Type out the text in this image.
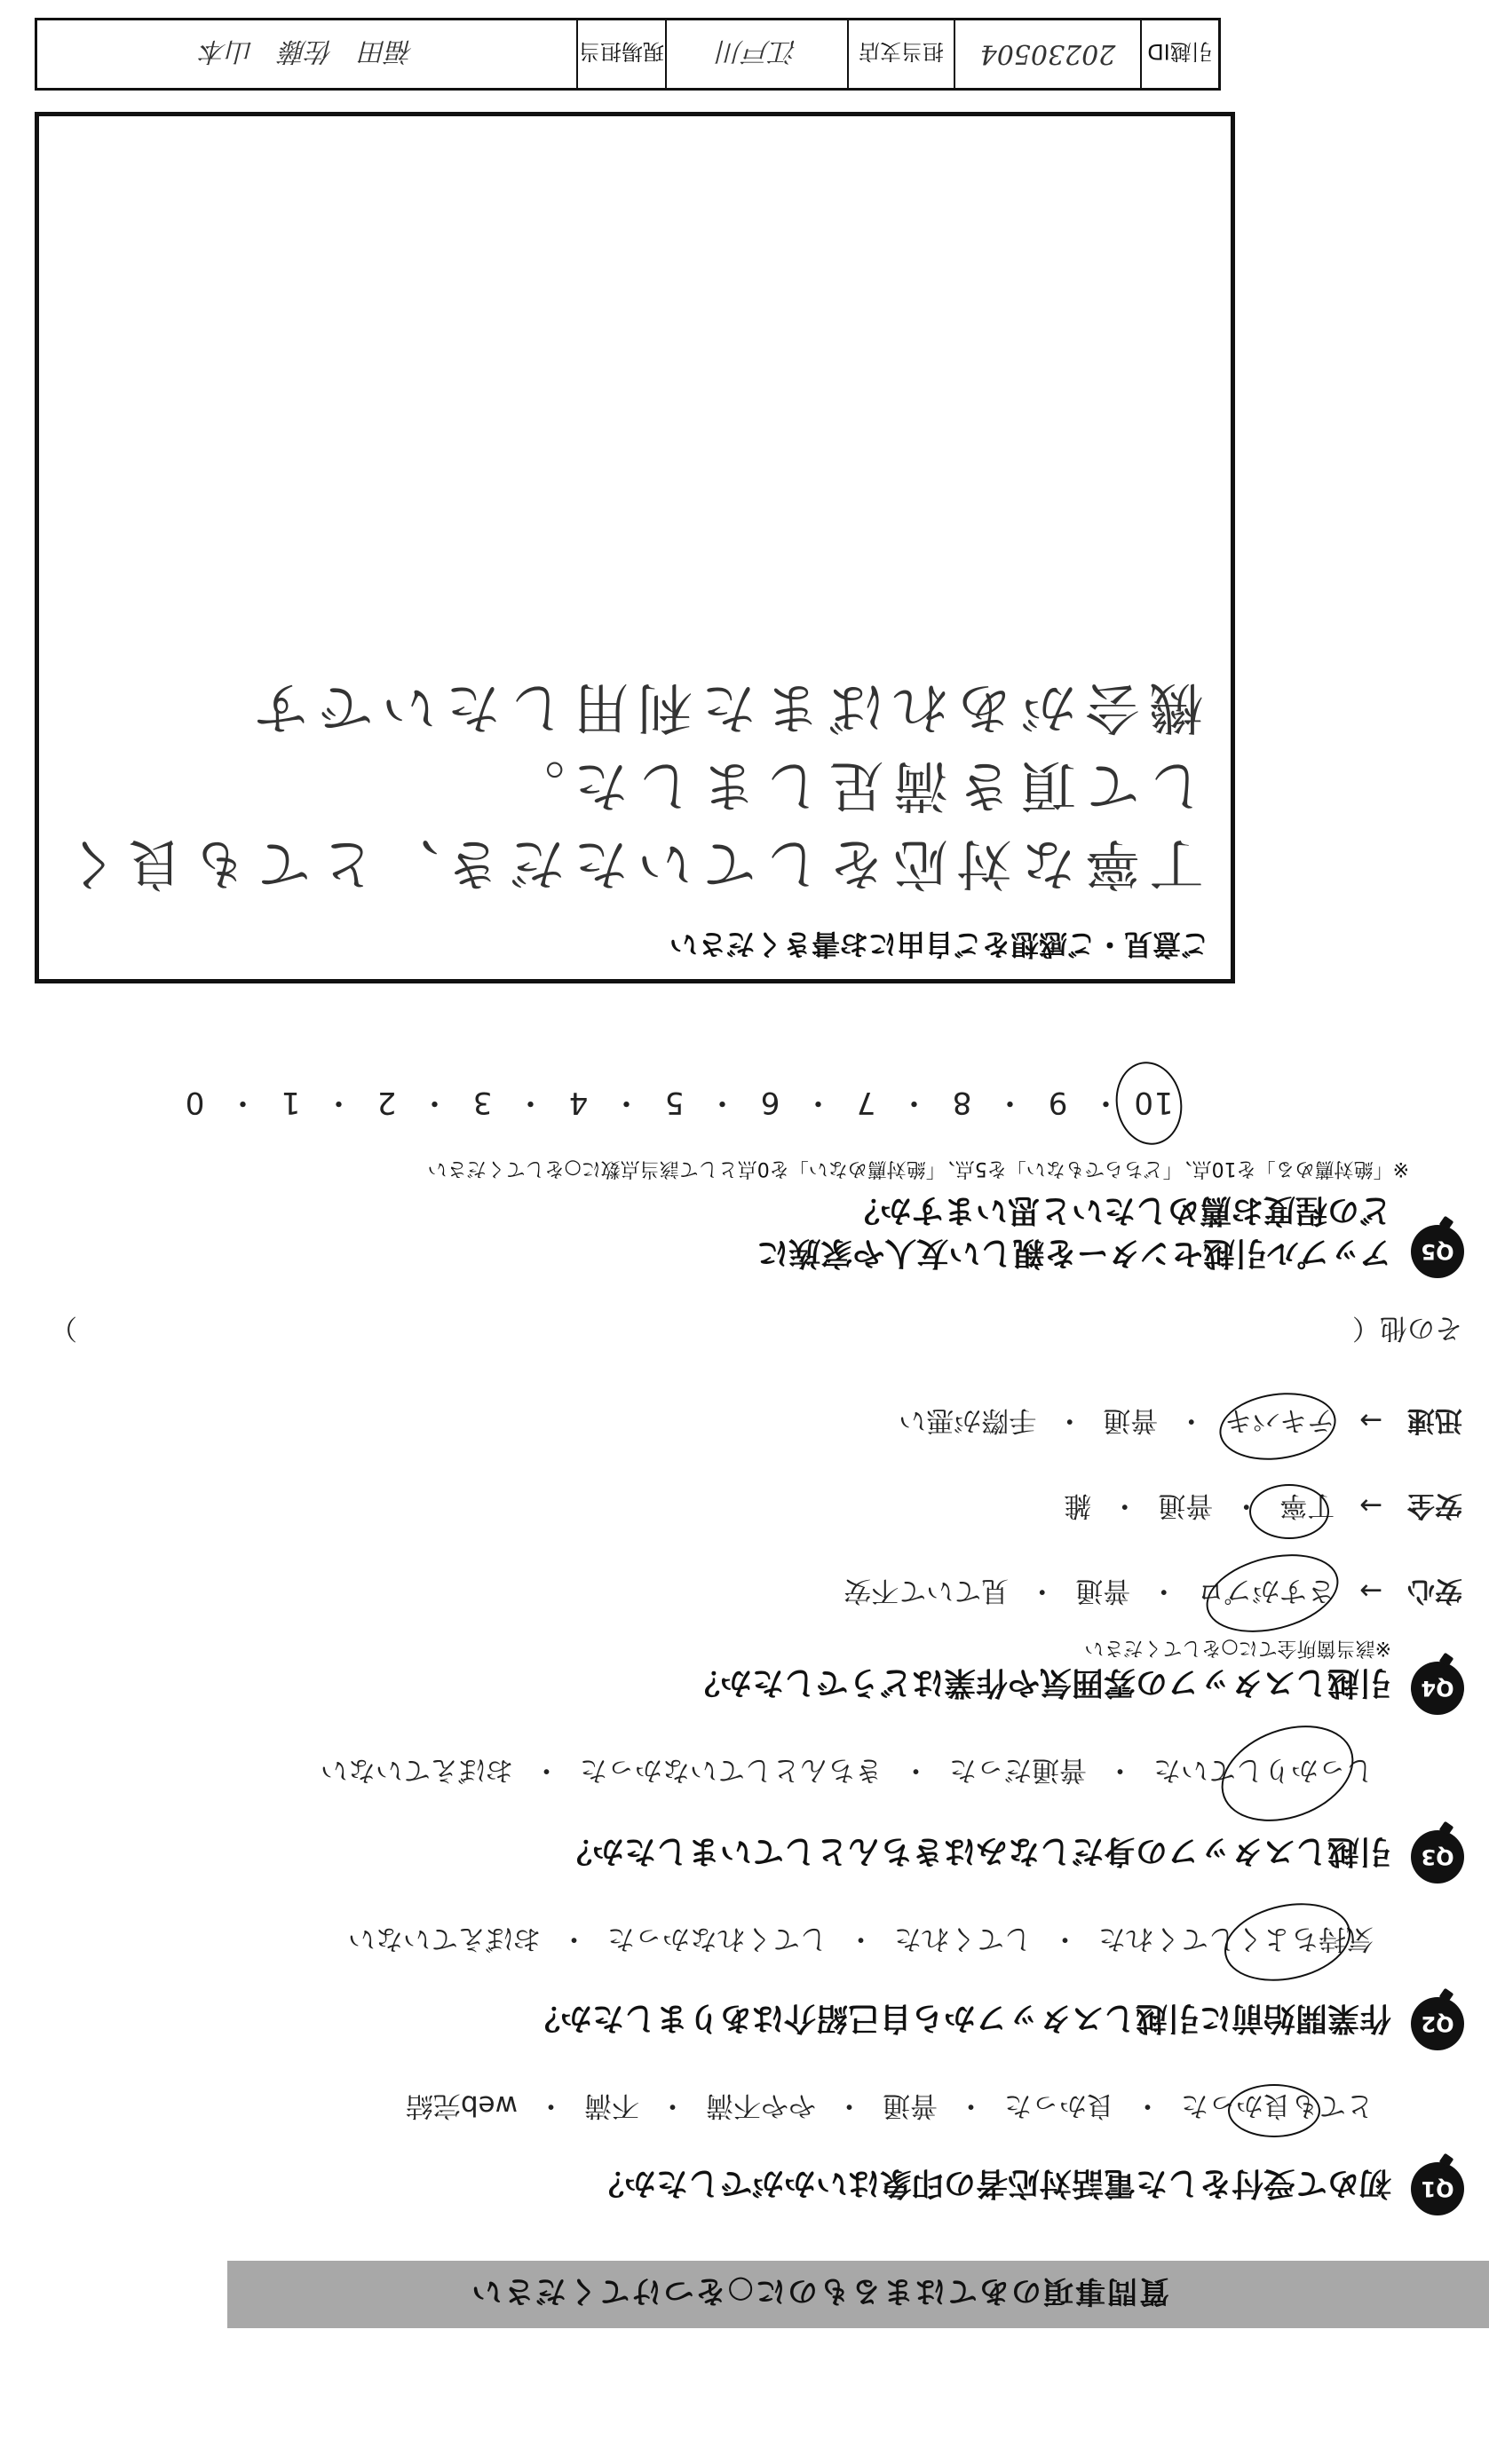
質問事項のあてはまるものに○をつけてください
Q1
初めて受付をした電話対応者の印象はいかがでしたか？
とても良かった・良かった・普通・やや不満・不満・web完結
Q2
作業開始前に引越しスタッフから自己紹介はありましたか？
気持ちよくしてくれた・してくれた・してくれなかった・おぼえていない
Q3
引越しスタッフの身だしなみはきちんとしていましたか？
しっかりしていた・普通だった・きちんとしていなかった・おぼえていない
Q4
引越しスタッフの雰囲気や作業はどうでしたか？
※該当箇所全てに○をしてください
安心 → さすがプロ・普通・見ていて不安
安全 → 丁寧・普通・雑
迅速 → テキパキ・普通・手際が悪い
その他（
）
Q5
アップル引越センターを親しい友人や家族に
どの程度お薦めしたいと思いますか？
※「絶対薦める」を10点、「どちらでもない」を5点、「絶対薦めない」を0点として該当点数に○をしてください
10・9・8・7・6・5・4・3・2・1・0
ご意見・ご感想をご自由にお書きください
丁寧な対応をしていただき、とても良く
して頂き満足しました。
機会があればまた利用したいです
引越ID
20230504
担当支店
江戸川
現場担当
福田　佐藤　山本
